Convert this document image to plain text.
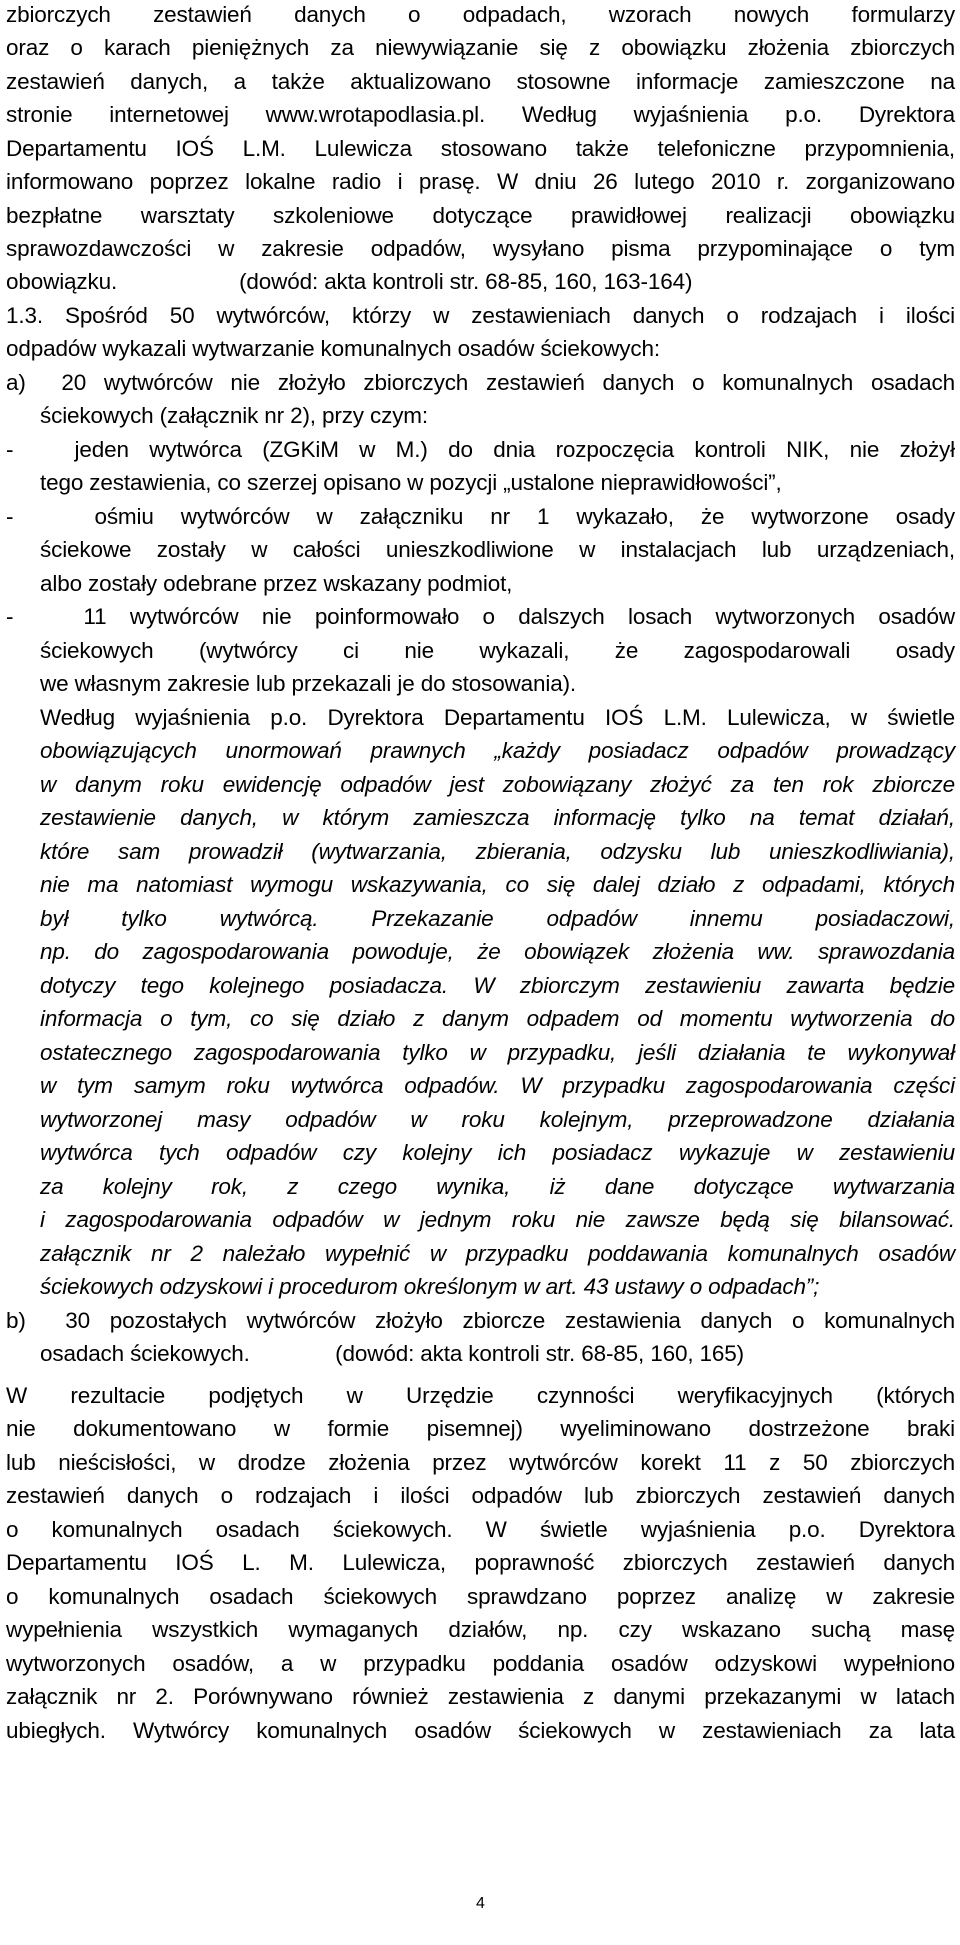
zbiorczych zestawień danych o odpadach, wzorach nowych formularzy
oraz o karach pieniężnych za niewywiązanie się z obowiązku złożenia zbiorczych
zestawień danych, a także aktualizowano stosowne informacje zamieszczone na
stronie internetowej www.wrotapodlasia.pl. Według wyjaśnienia p.o. Dyrektora
Departamentu IOŚ L.M. Lulewicza stosowano także telefoniczne przypomnienia,
informowano poprzez lokalne radio i prasę. W dniu 26 lutego 2010 r. zorganizowano
bezpłatne warsztaty szkoleniowe dotyczące prawidłowej realizacji obowiązku
sprawozdawczości w zakresie odpadów, wysyłano pisma przypominające o tym
obowiązku.                    (dowód: akta kontroli str. 68-85, 160, 163-164)
1.3. Spośród 50 wytwórców, którzy w zestawieniach danych o rodzajach i ilości
odpadów wykazali wytwarzanie komunalnych osadów ściekowych:
a)  20 wytwórców nie złożyło zbiorczych zestawień danych o komunalnych osadach
ściekowych (załącznik nr 2), przy czym:
-   jeden wytwórca (ZGKiM w M.) do dnia rozpoczęcia kontroli NIK, nie złożył
tego zestawienia, co szerzej opisano w pozycji „ustalone nieprawidłowości”,
-   ośmiu wytwórców w załączniku nr 1 wykazało, że wytworzone osady
ściekowe zostały w całości unieszkodliwione w instalacjach lub urządzeniach,
albo zostały odebrane przez wskazany podmiot,
-   11 wytwórców nie poinformowało o dalszych losach wytworzonych osadów
ściekowych (wytwórcy ci nie wykazali, że zagospodarowali osady
we własnym zakresie lub przekazali je do stosowania).
Według wyjaśnienia p.o. Dyrektora Departamentu IOŚ L.M. Lulewicza, w świetle
obowiązujących unormowań prawnych „każdy posiadacz odpadów prowadzący
w danym roku ewidencję odpadów jest zobowiązany złożyć za ten rok zbiorcze
zestawienie danych, w którym zamieszcza informację tylko na temat działań,
które sam prowadził (wytwarzania, zbierania, odzysku lub unieszkodliwiania),
nie ma natomiast wymogu wskazywania, co się dalej działo z odpadami, których
był tylko wytwórcą. Przekazanie odpadów innemu posiadaczowi,
np. do zagospodarowania powoduje, że obowiązek złożenia ww. sprawozdania
dotyczy tego kolejnego posiadacza. W zbiorczym zestawieniu zawarta będzie
informacja o tym, co się działo z danym odpadem od momentu wytworzenia do
ostatecznego zagospodarowania tylko w przypadku, jeśli działania te wykonywał
w tym samym roku wytwórca odpadów. W przypadku zagospodarowania części
wytworzonej masy odpadów w roku kolejnym, przeprowadzone działania
wytwórca tych odpadów czy kolejny ich posiadacz wykazuje w zestawieniu
za kolejny rok, z czego wynika, iż dane dotyczące wytwarzania
i zagospodarowania odpadów w jednym roku nie zawsze będą się bilansować.
załącznik nr 2 należało wypełnić w przypadku poddawania komunalnych osadów
ściekowych odzyskowi i procedurom określonym w art. 43 ustawy o odpadach”;
b)  30 pozostałych wytwórców złożyło zbiorcze zestawienia danych o komunalnych
osadach ściekowych.              (dowód: akta kontroli str. 68-85, 160, 165)
W rezultacie podjętych w Urzędzie czynności weryfikacyjnych (których
nie dokumentowano w formie pisemnej) wyeliminowano dostrzeżone braki
lub nieścisłości, w drodze złożenia przez wytwórców korekt 11 z 50 zbiorczych
zestawień danych o rodzajach i ilości odpadów lub zbiorczych zestawień danych
o komunalnych osadach ściekowych. W świetle wyjaśnienia p.o. Dyrektora
Departamentu IOŚ L. M. Lulewicza, poprawność zbiorczych zestawień danych
o komunalnych osadach ściekowych sprawdzano poprzez analizę w zakresie
wypełnienia wszystkich wymaganych działów, np. czy wskazano suchą masę
wytworzonych osadów, a w przypadku poddania osadów odzyskowi wypełniono
załącznik nr 2. Porównywano również zestawienia z danymi przekazanymi w latach
ubiegłych. Wytwórcy komunalnych osadów ściekowych w zestawieniach za lata
4
